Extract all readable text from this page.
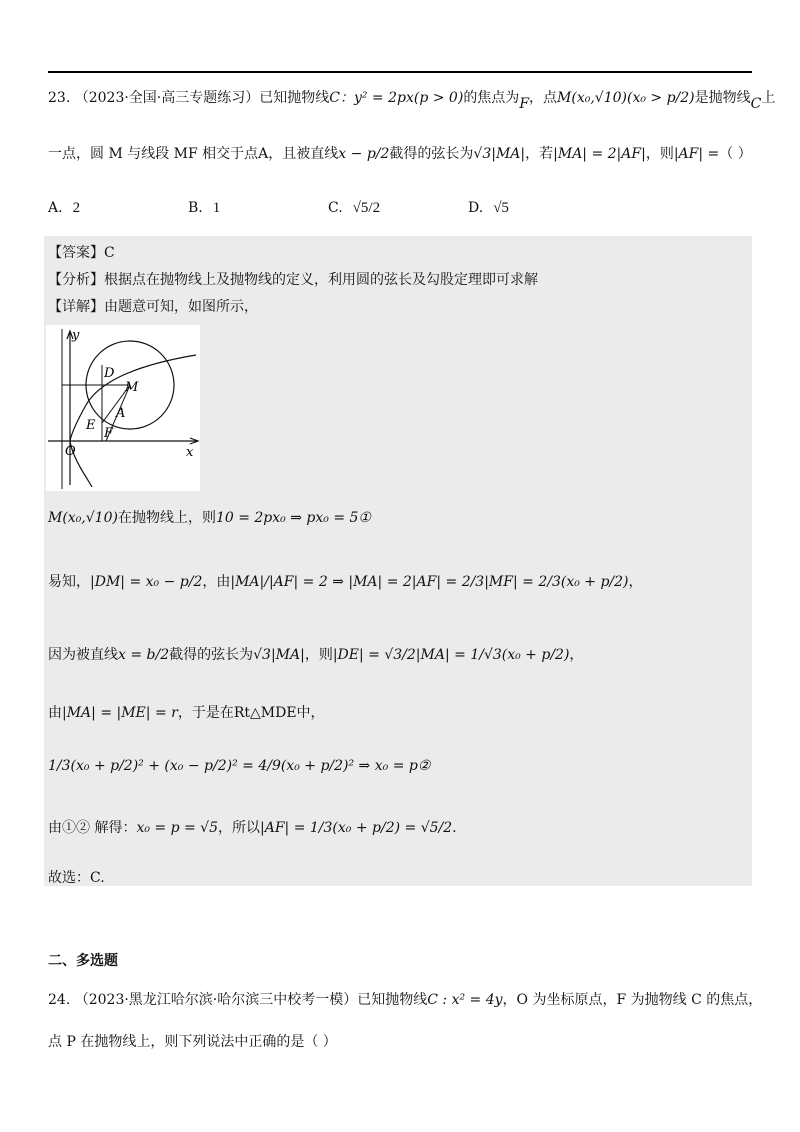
23. （2023·全国·高三专题练习）已知抛物线C：y² = 2px(p > 0)的焦点为F，点M(x₀,√10)(x₀ > p/2)是抛物线C上
一点，圆 M 与线段 MF 相交于点A，且被直线x − p/2截得的弦长为√3|MA|，若|MA| = 2|AF|，则|AF| =（ ）
A. 2	B. 1	C. √5/2	D. √5
【答案】C
【分析】根据点在抛物线上及抛物线的定义，利用圆的弦长及勾股定理即可求解
【详解】由题意可知，如图所示，
y
x
O
D
M
A
E
F
M(x₀,√10)在抛物线上，则10 = 2px₀ ⇒ px₀ = 5①
易知，|DM| = x₀ − p/2，由|MA|/|AF| = 2 ⇒ |MA| = 2|AF| = 2/3|MF| = 2/3(x₀ + p/2)，
因为被直线x = b/2截得的弦长为√3|MA|，则|DE| = √3/2|MA| = 1/√3(x₀ + p/2)，
由|MA| = |ME| = r，于是在Rt△MDE中，
1/3(x₀ + p/2)² + (x₀ − p/2)² = 4/9(x₀ + p/2)² ⇒ x₀ = p②
由①② 解得：x₀ = p = √5，所以|AF| = 1/3(x₀ + p/2) = √5/2.
故选：C.
二、多选题
24. （2023·黑龙江哈尔滨·哈尔滨三中校考一模）已知抛物线C : x² = 4y，O 为坐标原点，F 为抛物线 C 的焦点，
点 P 在抛物线上，则下列说法中正确的是（ ）
